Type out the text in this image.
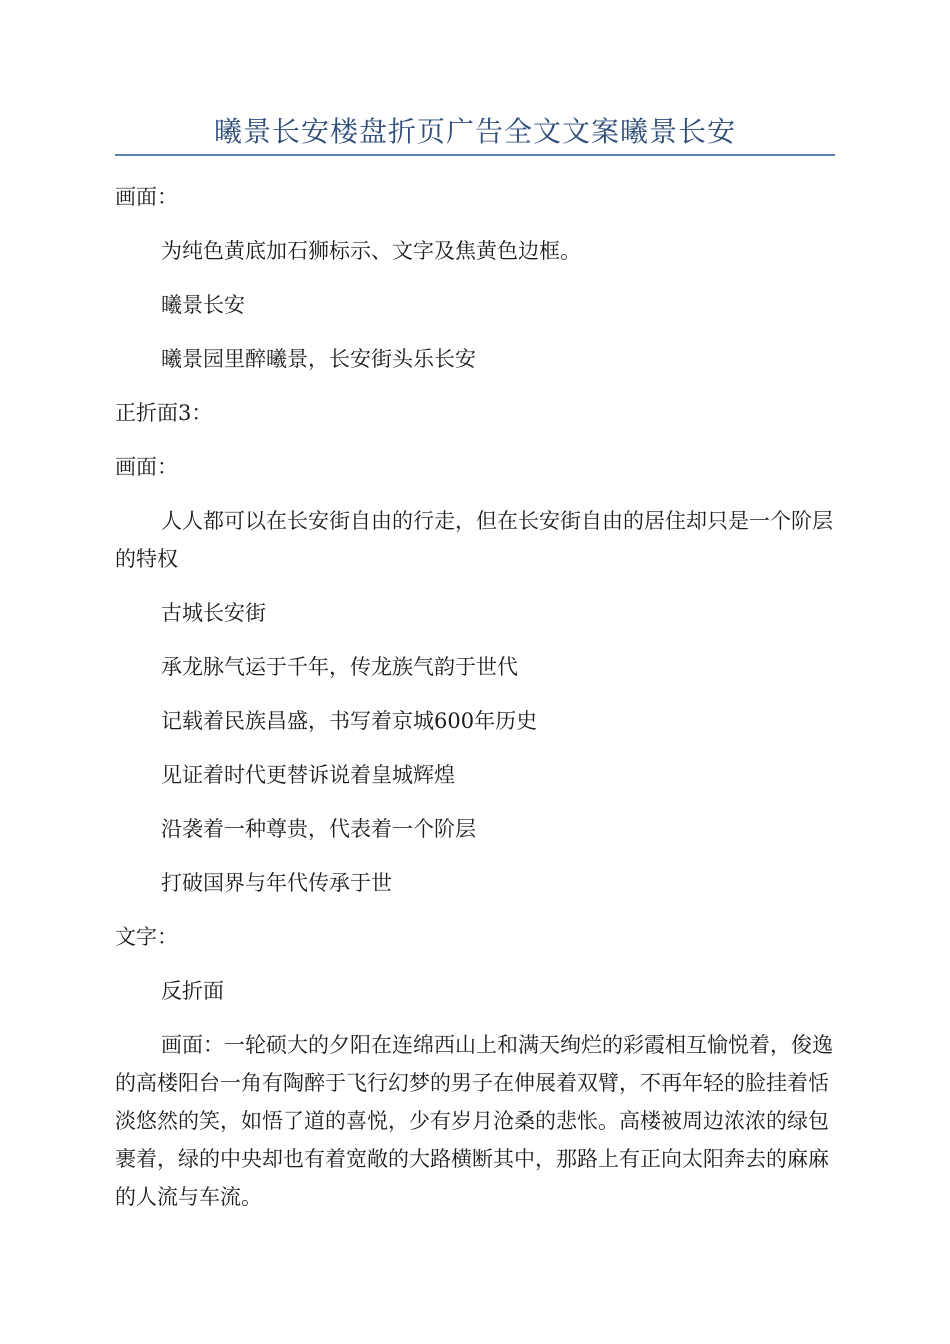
曦景长安楼盘折页广告全文文案曦景长安

画面：

为纯色黄底加石狮标示、文字及焦黄色边框。

曦景长安

曦景园里醉曦景，长安街头乐长安

正折面3：

画面：

人人都可以在长安街自由的行走，但在长安街自由的居住却只是一个阶层的特权

古城长安街

承龙脉气运于千年，传龙族气韵于世代

记载着民族昌盛，书写着京城600年历史

见证着时代更替诉说着皇城辉煌

沿袭着一种尊贵，代表着一个阶层

打破国界与年代传承于世

文字：

反折面

画面：一轮硕大的夕阳在连绵西山上和满天绚烂的彩霞相互愉悦着，俊逸的高楼阳台一角有陶醉于飞行幻梦的男子在伸展着双臂，不再年轻的脸挂着恬淡悠然的笑，如悟了道的喜悦，少有岁月沧桑的悲怅。高楼被周边浓浓的绿包裹着，绿的中央却也有着宽敞的大路横断其中，那路上有正向太阳奔去的麻麻的人流与车流。
